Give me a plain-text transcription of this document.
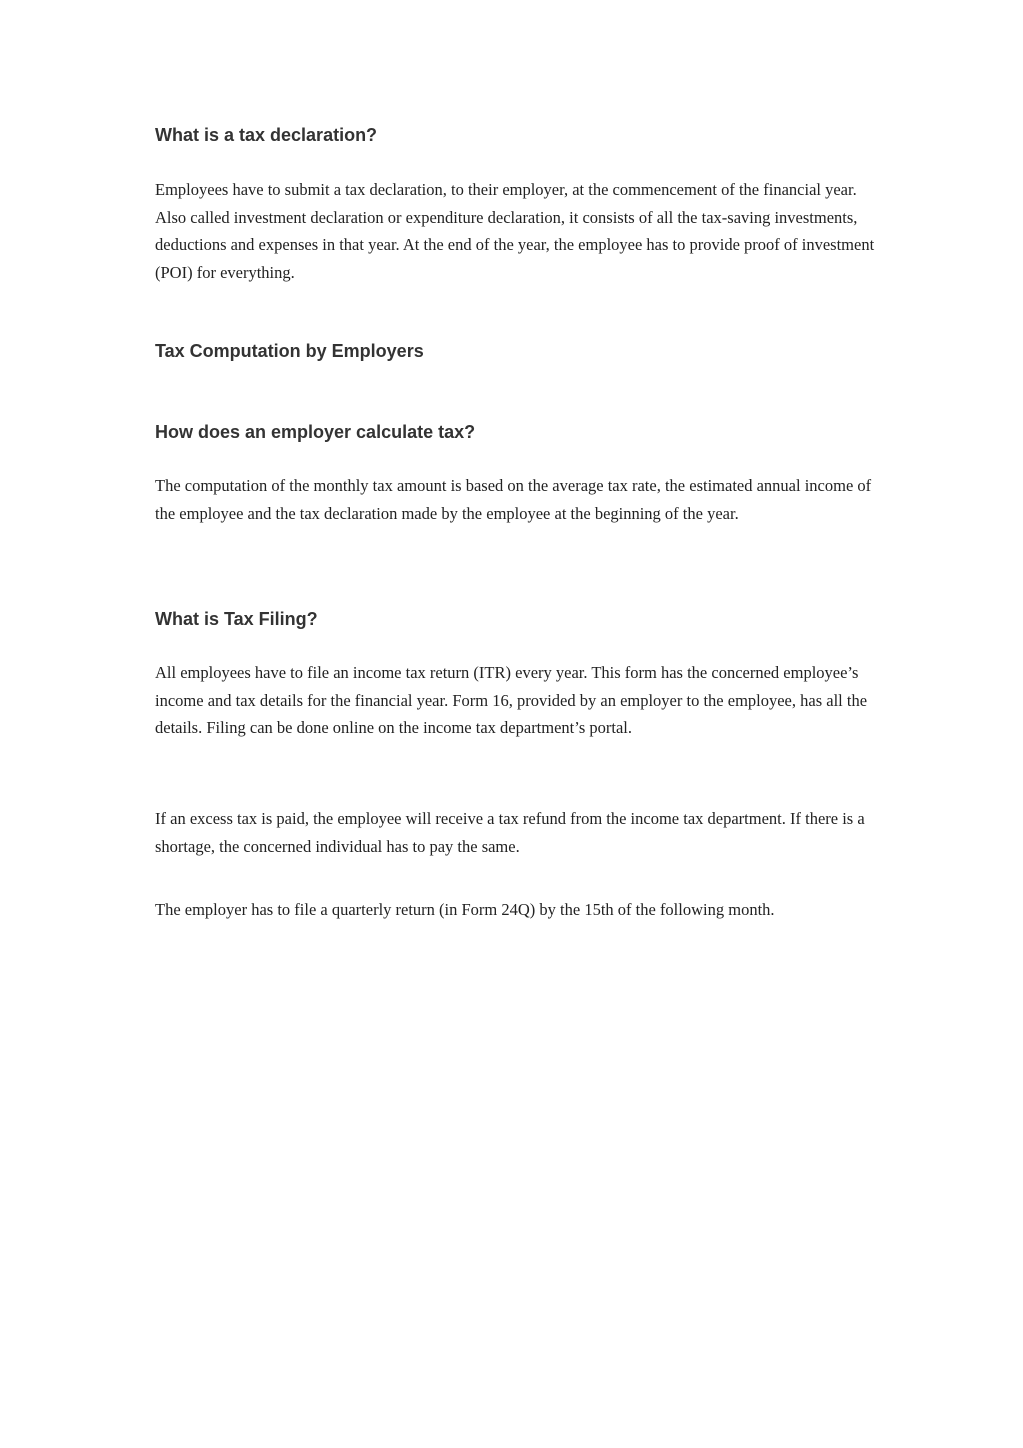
What is a tax declaration?

Employees have to submit a tax declaration, to their employer, at the commencement of the financial year. Also called investment declaration or expenditure declaration, it consists of all the tax-saving investments, deductions and expenses in that year. At the end of the year, the employee has to provide proof of investment (POI) for everything.

Tax Computation by Employers
How does an employer calculate tax?

The computation of the monthly tax amount is based on the average tax rate, the estimated annual income of the employee and the tax declaration made by the employee at the beginning of the year.

What is Tax Filing?

All employees have to file an income tax return (ITR) every year. This form has the concerned employee’s income and tax details for the financial year. Form 16, provided by an employer to the employee, has all the details. Filing can be done online on the income tax department’s portal.

If an excess tax is paid, the employee will receive a tax refund from the income tax department. If there is a shortage, the concerned individual has to pay the same.

The employer has to file a quarterly return (in Form 24Q) by the 15th of the following month.
